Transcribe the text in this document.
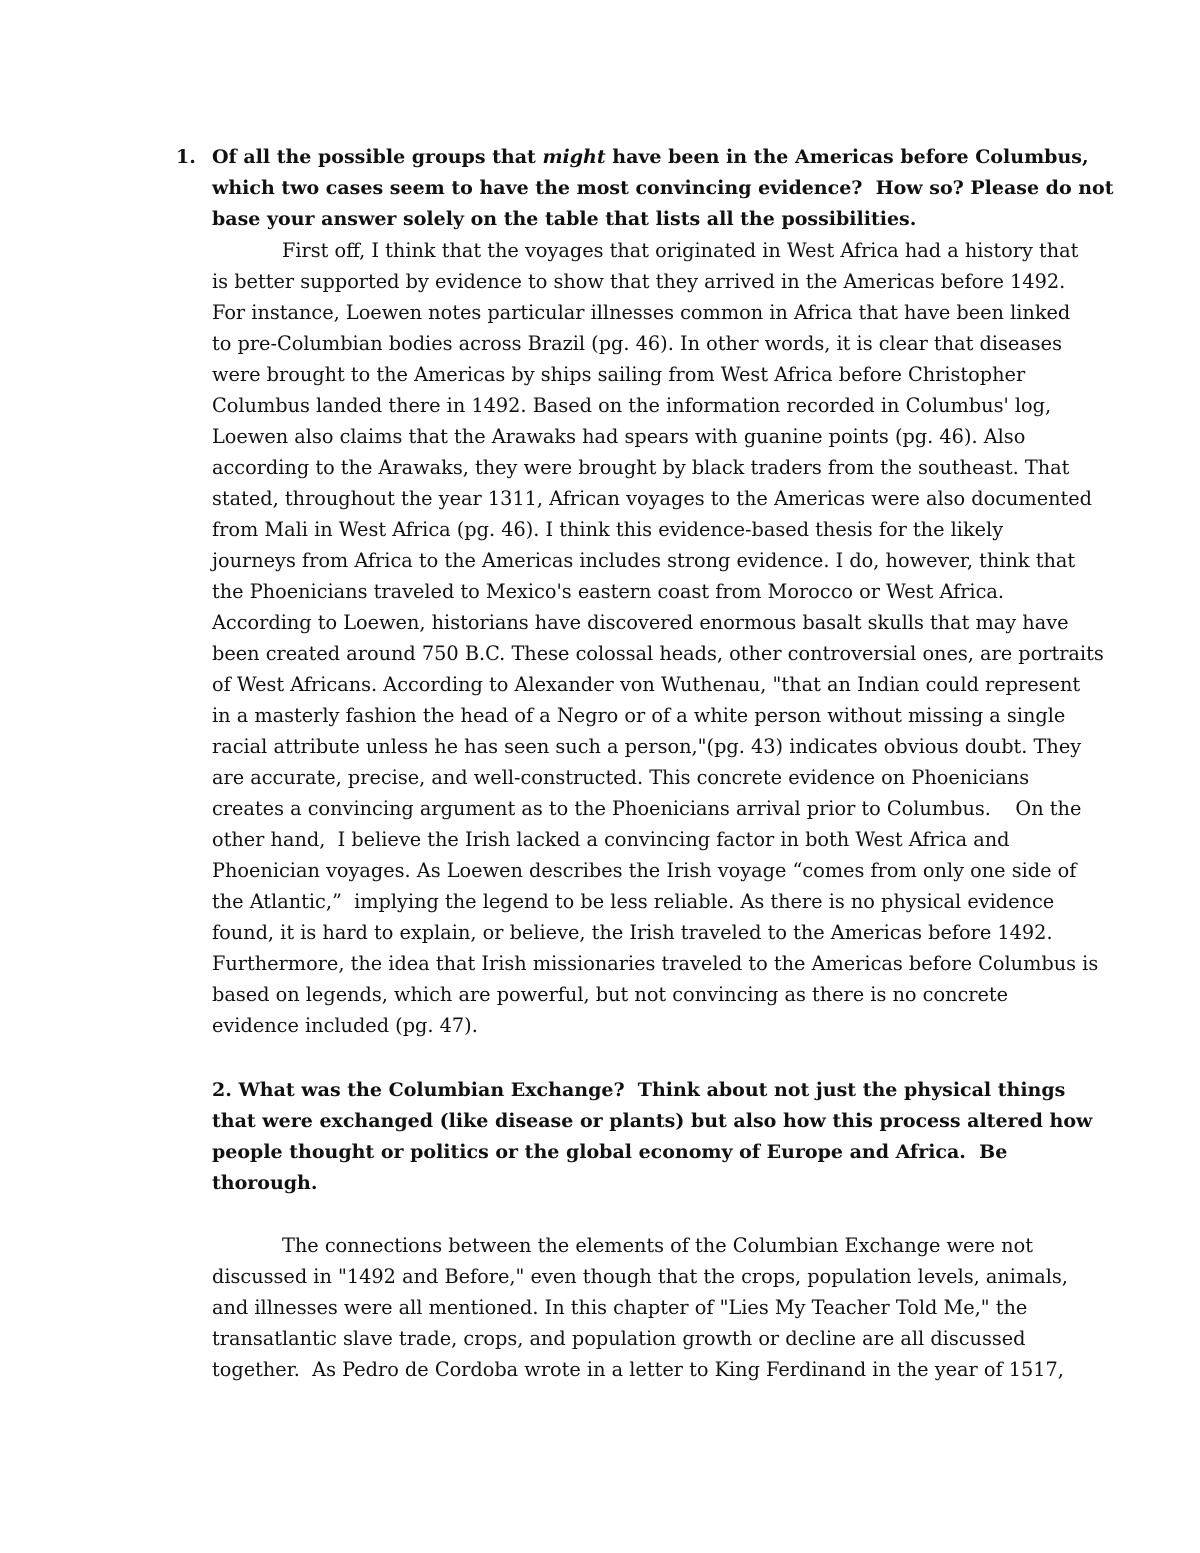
1. Of all the possible groups that might have been in the Americas before Columbus,
which two cases seem to have the most convincing evidence?  How so? Please do not
base your answer solely on the table that lists all the possibilities.
First off, I think that the voyages that originated in West Africa had a history that
is better supported by evidence to show that they arrived in the Americas before 1492.
For instance, Loewen notes particular illnesses common in Africa that have been linked
to pre-Columbian bodies across Brazil (pg. 46). In other words, it is clear that diseases
were brought to the Americas by ships sailing from West Africa before Christopher
Columbus landed there in 1492. Based on the information recorded in Columbus' log,
Loewen also claims that the Arawaks had spears with guanine points (pg. 46). Also
according to the Arawaks, they were brought by black traders from the southeast. That
stated, throughout the year 1311, African voyages to the Americas were also documented
from Mali in West Africa (pg. 46). I think this evidence-based thesis for the likely
journeys from Africa to the Americas includes strong evidence. I do, however, think that
the Phoenicians traveled to Mexico's eastern coast from Morocco or West Africa.
According to Loewen, historians have discovered enormous basalt skulls that may have
been created around 750 B.C. These colossal heads, other controversial ones, are portraits
of West Africans. According to Alexander von Wuthenau, "that an Indian could represent
in a masterly fashion the head of a Negro or of a white person without missing a single
racial attribute unless he has seen such a person,"(pg. 43) indicates obvious doubt. They
are accurate, precise, and well-constructed. This concrete evidence on Phoenicians
creates a convincing argument as to the Phoenicians arrival prior to Columbus.    On the
other hand,  I believe the Irish lacked a convincing factor in both West Africa and
Phoenician voyages. As Loewen describes the Irish voyage “comes from only one side of
the Atlantic,”  implying the legend to be less reliable. As there is no physical evidence
found, it is hard to explain, or believe, the Irish traveled to the Americas before 1492.
Furthermore, the idea that Irish missionaries traveled to the Americas before Columbus is
based on legends, which are powerful, but not convincing as there is no concrete
evidence included (pg. 47).
2. What was the Columbian Exchange?  Think about not just the physical things
that were exchanged (like disease or plants) but also how this process altered how
people thought or politics or the global economy of Europe and Africa.  Be
thorough.
The connections between the elements of the Columbian Exchange were not
discussed in "1492 and Before," even though that the crops, population levels, animals,
and illnesses were all mentioned. In this chapter of "Lies My Teacher Told Me," the
transatlantic slave trade, crops, and population growth or decline are all discussed
together.  As Pedro de Cordoba wrote in a letter to King Ferdinand in the year of 1517,
